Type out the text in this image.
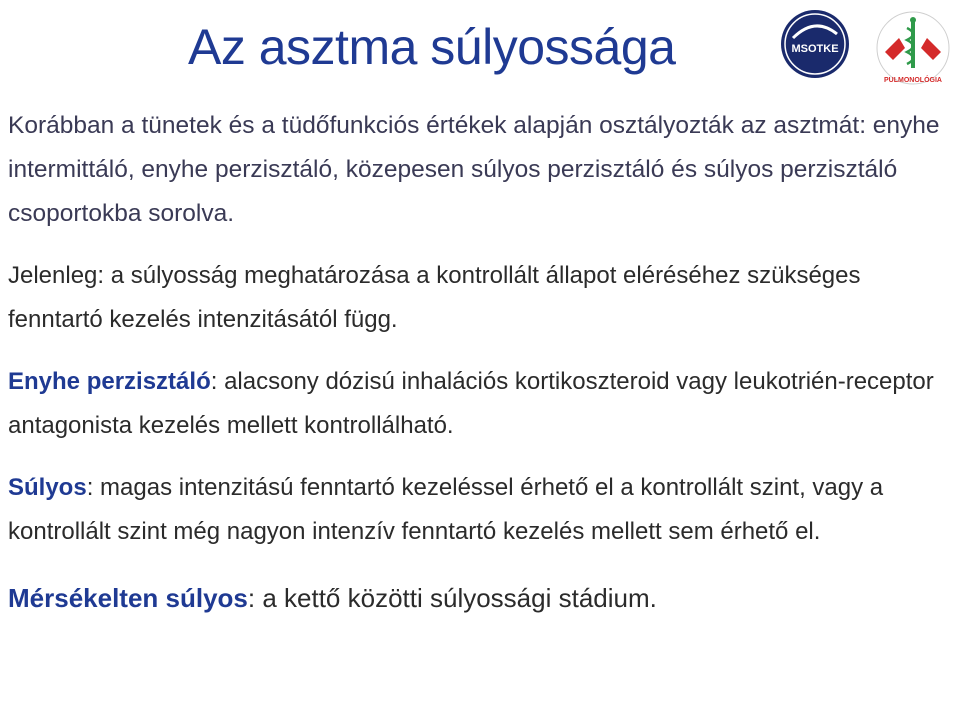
Az asztma súlyossága	MSOTKE
PULMONOLÓGIA

Korábban a tünetek és a tüdőfunkciós értékek alapján osztályozták az asztmát: enyhe intermittáló, enyhe perzisztáló, közepesen súlyos perzisztáló és súlyos perzisztáló csoportokba sorolva.

Jelenleg: a súlyosság meghatározása a kontrollált állapot eléréséhez szükséges fenntartó kezelés intenzitásától függ.

Enyhe perzisztáló: alacsony dózisú inhalációs kortikoszteroid vagy leukotrién-receptor antagonista kezelés mellett kontrollálható.

Súlyos: magas intenzitású fenntartó kezeléssel érhető el a kontrollált szint, vagy a kontrollált szint még nagyon intenzív fenntartó kezelés mellett sem érhető el.

Mérsékelten súlyos: a kettő közötti súlyossági stádium.
